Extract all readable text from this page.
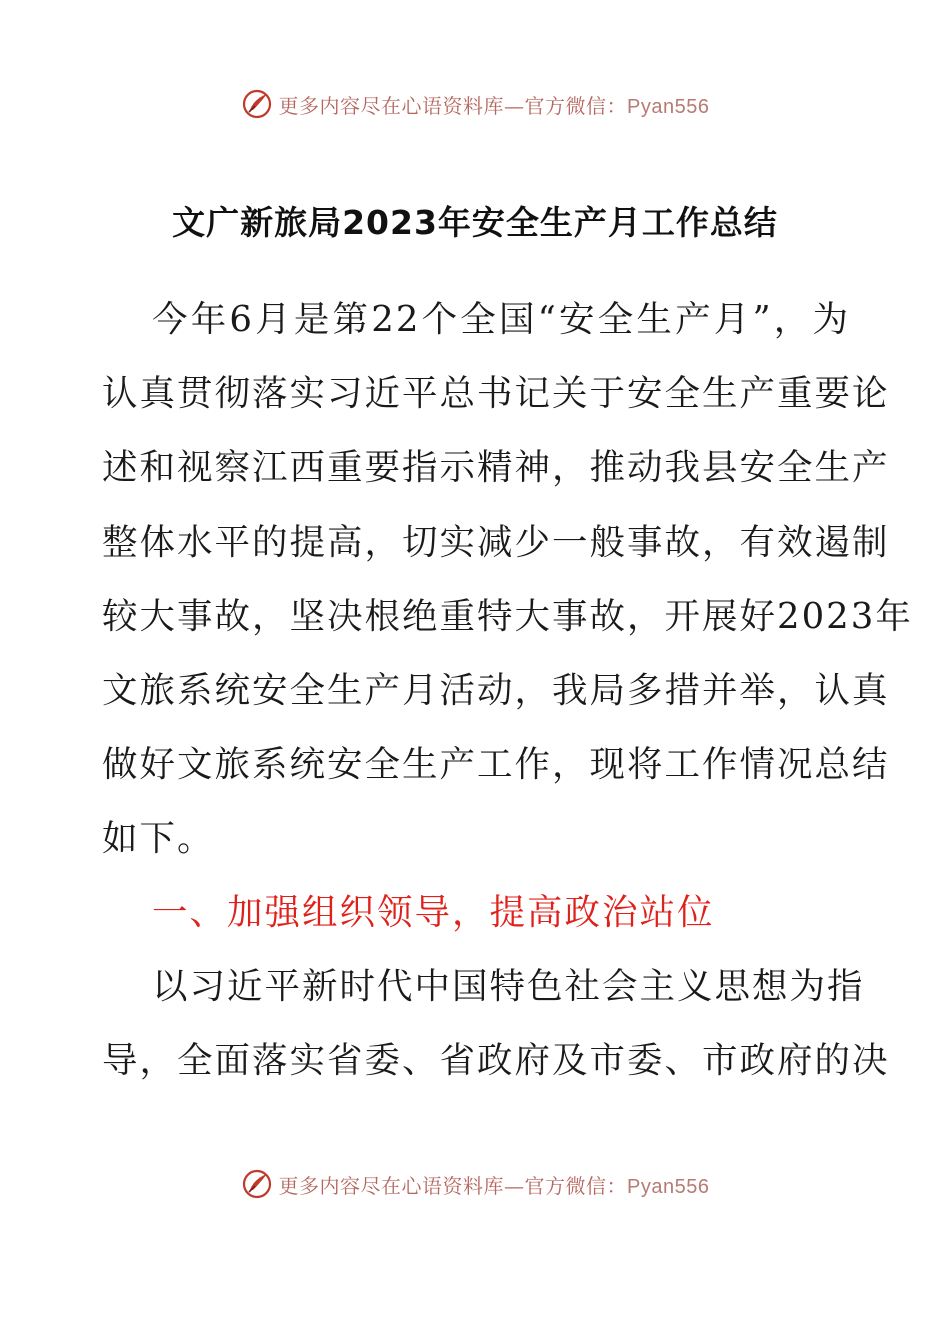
更多内容尽在心语资料库—官方微信：Pyan556
文广新旅局2023年安全生产月工作总结
今年6月是第22个全国“安全生产月”，为
认真贯彻落实习近平总书记关于安全生产重要论
述和视察江西重要指示精神，推动我县安全生产
整体水平的提高，切实减少一般事故，有效遏制
较大事故，坚决根绝重特大事故，开展好2023年
文旅系统安全生产月活动，我局多措并举，认真
做好文旅系统安全生产工作，现将工作情况总结
如下。
一、加强组织领导，提高政治站位
以习近平新时代中国特色社会主义思想为指
导，全面落实省委、省政府及市委、市政府的决
更多内容尽在心语资料库—官方微信：Pyan556
